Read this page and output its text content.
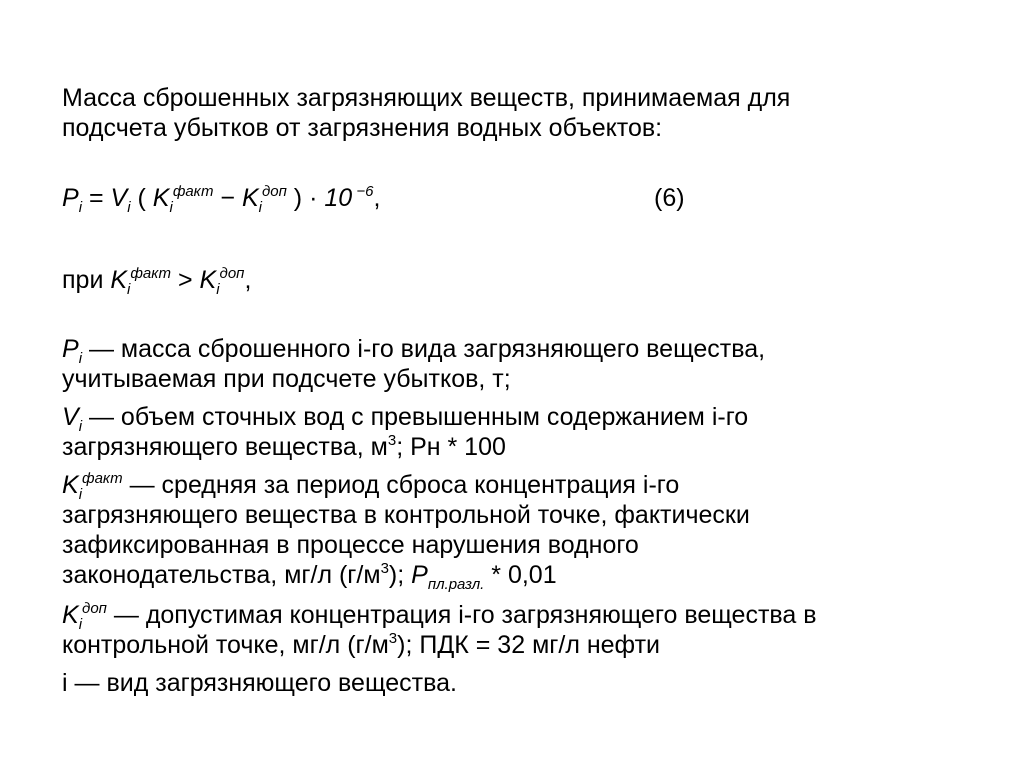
Масса сброшенных загрязняющих веществ, принимаемая для
подсчета убытков от загрязнения водных объектов:
$P_i = V_i$ ( $K_i^{факт} - K_i^{доп}$ ) · 10 $^{-6}$,	(6)
при $K_i^{факт} > K_i^{доп}$,
$P_i$ — масса сброшенного i-го вида загрязняющего вещества,
учитываемая при подсчете убытков, т;
$V_i$ — объем сточных вод с превышенным содержанием i-го
загрязняющего вещества, $м^3$; Рн * 100
$K_i^{факт}$ — средняя за период сброса концентрация i-го
загрязняющего вещества в контрольной точке, фактически
зафиксированная в процессе нарушения водного
законодательства, мг/л $(г/м^3)$; $P_{пл.разл.} * 0,01$
$K_i^{доп}$ — допустимая концентрация i-го загрязняющего вещества в
контрольной точке, мг/л $(г/м^3)$; ПДК = 32 мг/л нефти
i — вид загрязняющего вещества.
